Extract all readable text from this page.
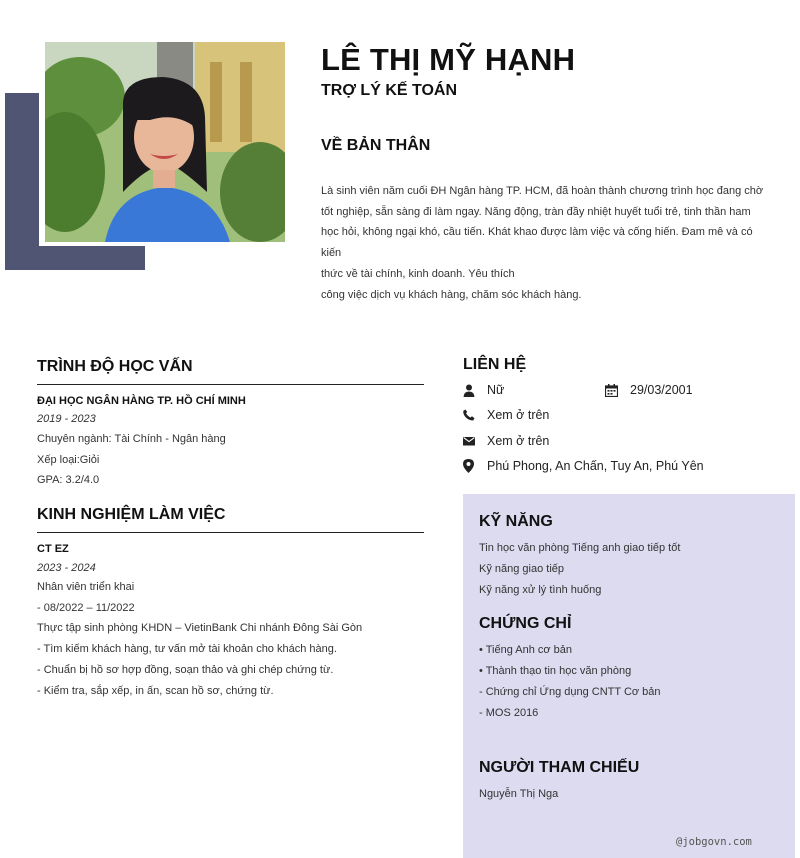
LÊ THỊ MỸ HẠNH
TRỢ LÝ KẾ TOÁN
VỀ BẢN THÂN
Là sinh viên năm cuối ĐH Ngân hàng TP. HCM, đã hoàn thành chương trình học đang chờ
tốt nghiệp, sẵn sàng đi làm ngay. Năng động, tràn đầy nhiệt huyết tuổi trẻ, tinh thần ham
học hỏi, không ngại khó, cầu tiến. Khát khao được làm việc và cống hiến. Đam mê và có
kiến
thức về tài chính, kinh doanh. Yêu thích
công việc dịch vụ khách hàng, chăm sóc khách hàng.
TRÌNH ĐỘ HỌC VẤN
ĐẠI HỌC NGÂN HÀNG TP. HỒ CHÍ MINH
2019 - 2023
Chuyên ngành: Tài Chính - Ngân hàng
Xếp loại:Giỏi
GPA: 3.2/4.0
KINH NGHIỆM LÀM VIỆC
CT EZ
2023 - 2024
Nhân viên triển khai
- 08/2022 – 11/2022
Thực tập sinh phòng KHDN – VietinBank Chi nhánh Đông Sài Gòn
- Tìm kiếm khách hàng, tư vấn mở tài khoản cho khách hàng.
- Chuẩn bị hồ sơ hợp đồng, soạn thảo và ghi chép chứng từ.
- Kiểm tra, sắp xếp, in ấn, scan hồ sơ, chứng từ.
LIÊN HỆ
Nữ	29/03/2001
Xem ở trên
Xem ở trên
Phú Phong, An Chấn, Tuy An, Phú Yên
KỸ NĂNG
Tin học văn phòng Tiếng anh giao tiếp tốt
Kỹ năng giao tiếp
Kỹ năng xử lý tình huống
CHỨNG CHỈ
• Tiếng Anh cơ bản
• Thành thạo tin học văn phòng
- Chứng chỉ Ứng dụng CNTT Cơ bản
- MOS 2016
NGƯỜI THAM CHIẾU
Nguyễn Thị Nga
@jobgovn.com
